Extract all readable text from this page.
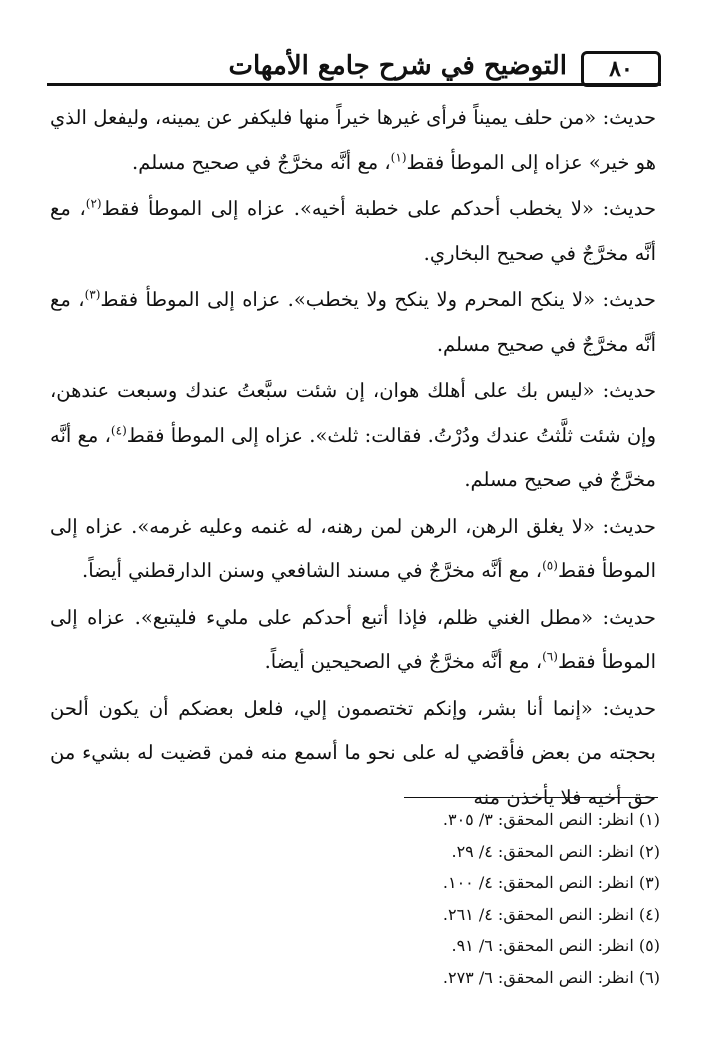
التوضيح في شرح جامع الأمهات	٨٠

حديث: «من حلف يميناً فرأى غيرها خيراً منها فليكفر عن يمينه، وليفعل الذي هو خير» عزاه إلى الموطأ فقط$^{(١)}$، مع أنَّه مخرَّجٌ في صحيح مسلم.

حديث: «لا يخطب أحدكم على خطبة أخيه». عزاه إلى الموطأ فقط$^{(٢)}$، مع أنَّه مخرَّجٌ في صحيح البخاري.

حديث: «لا ينكح المحرم ولا ينكح ولا يخطب». عزاه إلى الموطأ فقط$^{(٣)}$، مع أنَّه مخرَّجٌ في صحيح مسلم.

حديث: «ليس بك على أهلك هوان، إن شئت سبَّعتُ عندك وسبعت عندهن، وإن شئت ثلَّثتُ عندك ودُرْتُ. فقالت: ثلث». عزاه إلى الموطأ فقط$^{(٤)}$، مع أنَّه مخرَّجٌ في صحيح مسلم.

حديث: «لا يغلق الرهن، الرهن لمن رهنه، له غنمه وعليه غرمه». عزاه إلى الموطأ فقط$^{(٥)}$، مع أنَّه مخرَّجٌ في مسند الشافعي وسنن الدارقطني أيضاً.

حديث: «مطل الغني ظلم، فإذا أتبع أحدكم على مليء فليتبع». عزاه إلى الموطأ فقط$^{(٦)}$، مع أنَّه مخرَّجٌ في الصحيحين أيضاً.

حديث: «إنما أنا بشر، وإنكم تختصمون إلي، فلعل بعضكم أن يكون ألحن بحجته من بعض فأقضي له على نحو ما أسمع منه فمن قضيت له بشيء من حق أخيه فلا يأخذن منه

(١) انظر: النص المحقق: ٣/ ٣٠٥.
(٢) انظر: النص المحقق: ٤/ ٢٩.
(٣) انظر: النص المحقق: ٤/ ١٠٠.
(٤) انظر: النص المحقق: ٤/ ٢٦١.
(٥) انظر: النص المحقق: ٦/ ٩١.
(٦) انظر: النص المحقق: ٦/ ٢٧٣.
